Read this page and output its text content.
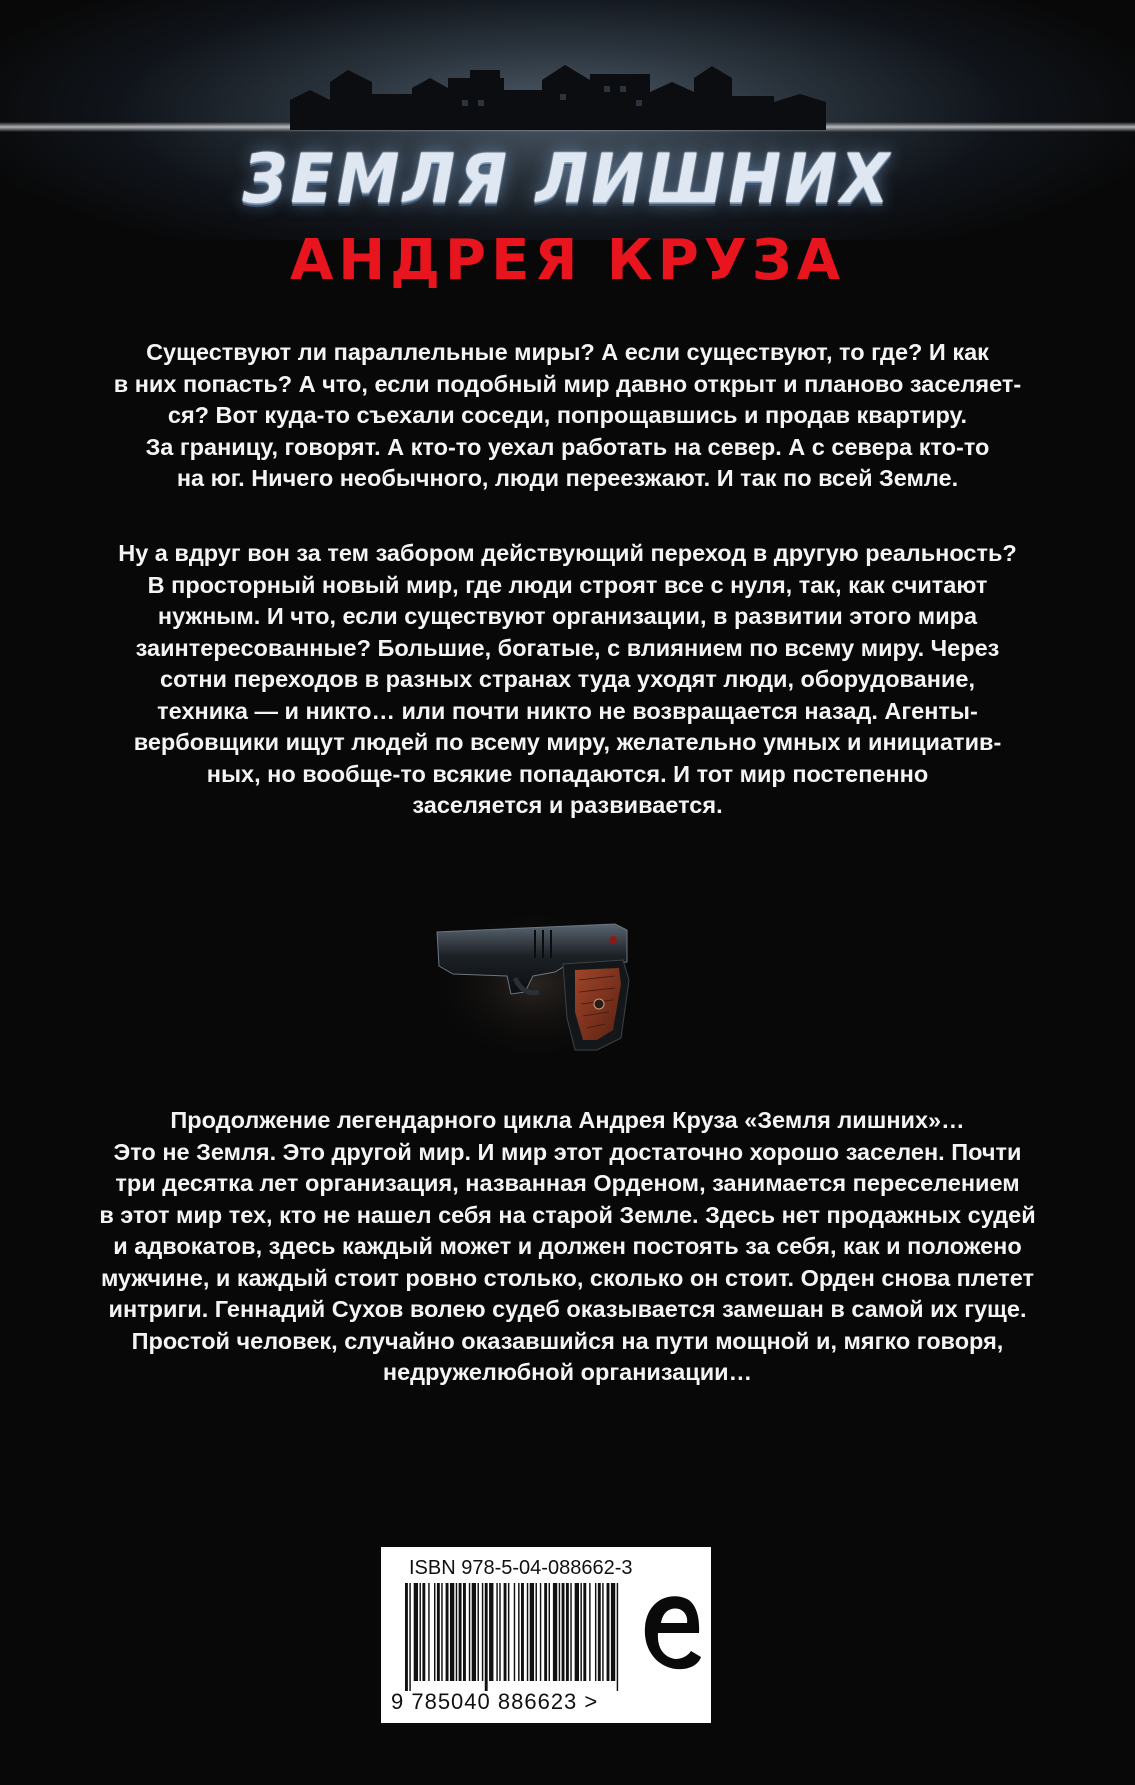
ЗЕМЛЯ ЛИШНИХ
АНДРЕЯ КРУЗА

Существуют ли параллельные миры? А если существуют, то где? И как
в них попасть? А что, если подобный мир давно открыт и планово заселяет-
ся? Вот куда-то съехали соседи, попрощавшись и продав квартиру.
За границу, говорят. А кто-то уехал работать на север. А с севера кто-то
на юг. Ничего необычного, люди переезжают. И так по всей Земле.

Ну а вдруг вон за тем забором действующий переход в другую реальность?
В просторный новый мир, где люди строят все с нуля, так, как считают
нужным. И что, если существуют организации, в развитии этого мира
заинтересованные? Большие, богатые, с влиянием по всему миру. Через
сотни переходов в разных странах туда уходят люди, оборудование,
техника — и никто… или почти никто не возвращается назад. Агенты-
вербовщики ищут людей по всему миру, желательно умных и инициатив-
ных, но вообще-то всякие попадаются. И тот мир постепенно
заселяется и развивается.

Продолжение легендарного цикла Андрея Круза «Земля лишних»…
Это не Земля. Это другой мир. И мир этот достаточно хорошо заселен. Почти
три десятка лет организация, названная Орденом, занимается переселением
в этот мир тех, кто не нашел себя на старой Земле. Здесь нет продажных судей
и адвокатов, здесь каждый может и должен постоять за себя, как и положено
мужчине, и каждый стоит ровно столько, сколько он стоит. Орден снова плетет
интриги. Геннадий Сухов волею судеб оказывается замешан в самой их гуще.
Простой человек, случайно оказавшийся на пути мощной и, мягко говоря,
недружелюбной организации…

ISBN 978-5-04-088662-3
9 785040 886623 >
